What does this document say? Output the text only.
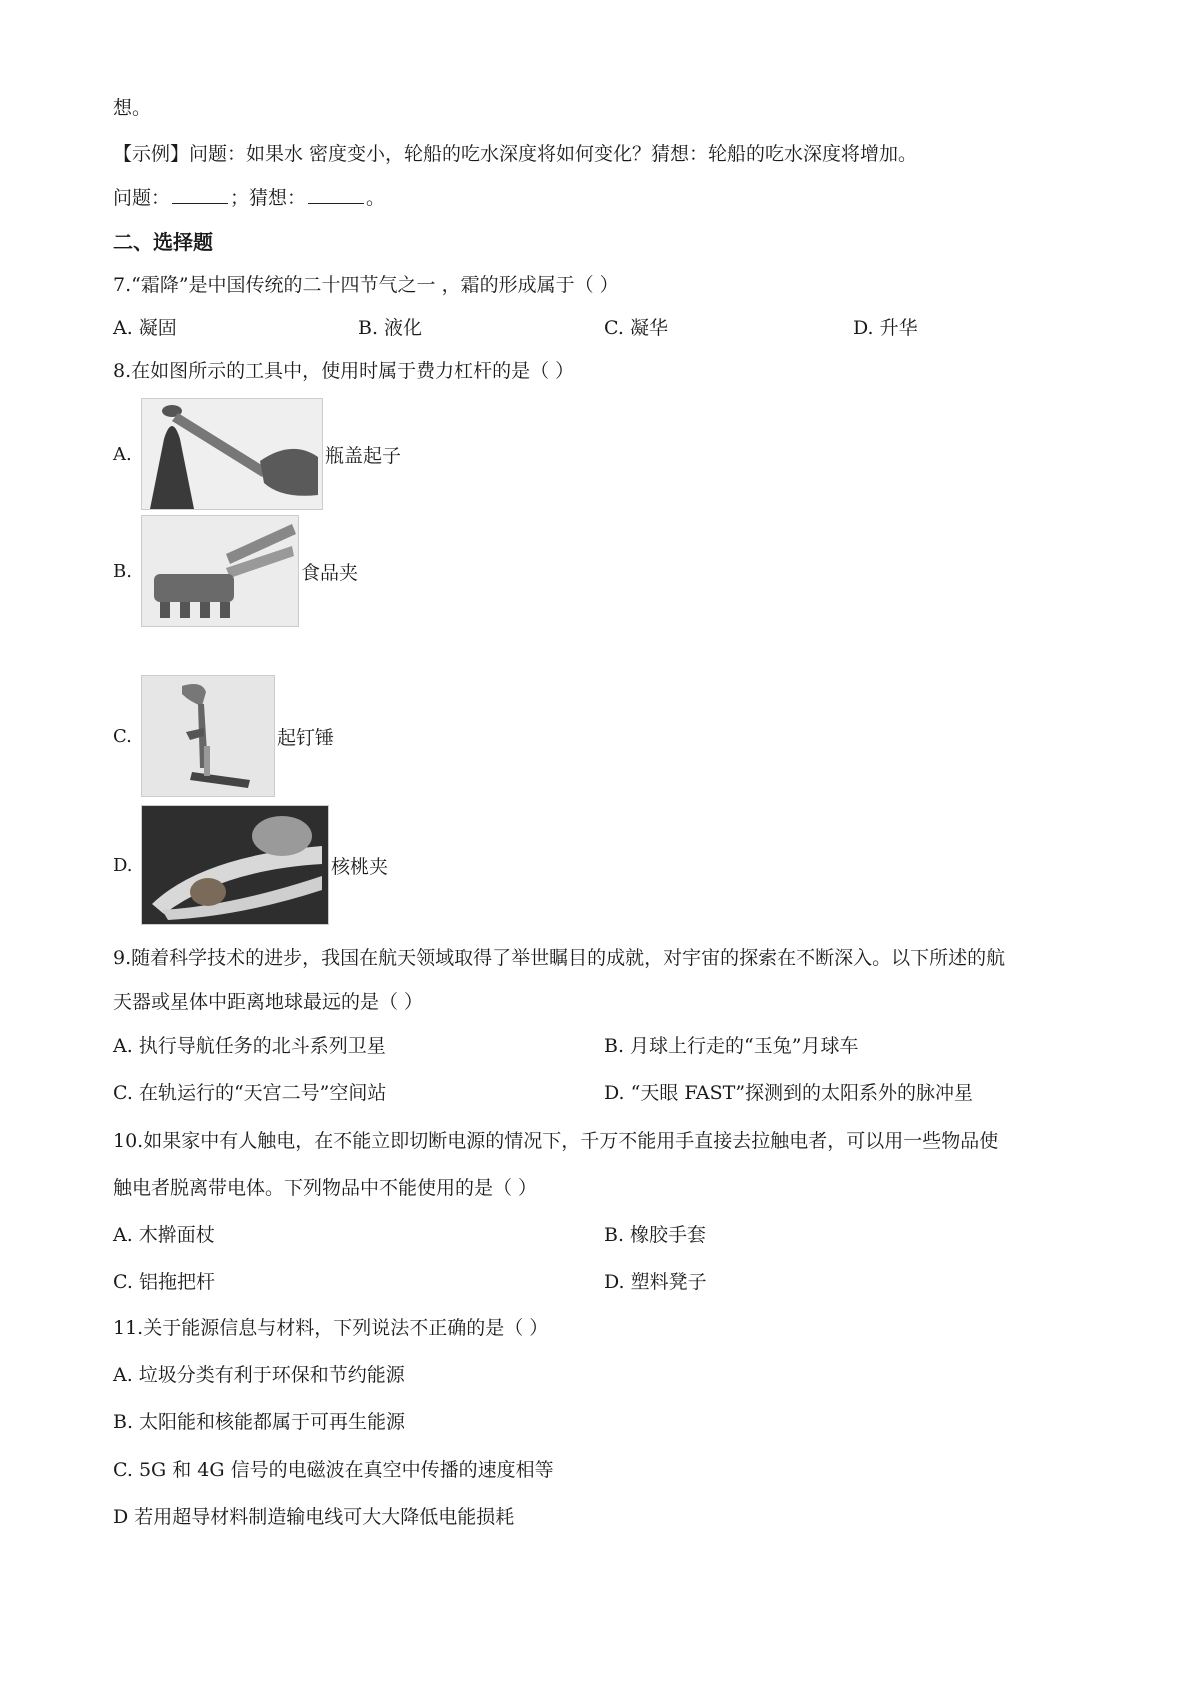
想。
【示例】问题：如果水 密度变小，轮船的吃水深度将如何变化？猜想：轮船的吃水深度将增加。
问题：	；猜想：	。
二、选择题
7.“霜降”是中国传统的二十四节气之一 ，霜的形成属于（ ）
A. 凝固	B. 液化	C. 凝华	D. 升华
8.在如图所示的工具中，使用时属于费力杠杆的是（ ）
A.	瓶盖起子
B.	食品夹
C.	起钉锤
D.	核桃夹
9.随着科学技术的进步，我国在航天领域取得了举世瞩目的成就，对宇宙的探索在不断深入。以下所述的航
天器或星体中距离地球最远的是（ ）
A. 执行导航任务的北斗系列卫星	B. 月球上行走的“玉兔”月球车
C. 在轨运行的“天宫二号”空间站	D. “天眼 FAST”探测到的太阳系外的脉冲星
10.如果家中有人触电，在不能立即切断电源的情况下，千万不能用手直接去拉触电者，可以用一些物品使
触电者脱离带电体。下列物品中不能使用的是（ ）
A. 木擀面杖	B. 橡胶手套
C. 铝拖把杆	D. 塑料凳子
11.关于能源信息与材料，下列说法不正确的是（ ）
A. 垃圾分类有利于环保和节约能源
B. 太阳能和核能都属于可再生能源
C. 5G 和 4G 信号的电磁波在真空中传播的速度相等
D 若用超导材料制造输电线可大大降低电能损耗
